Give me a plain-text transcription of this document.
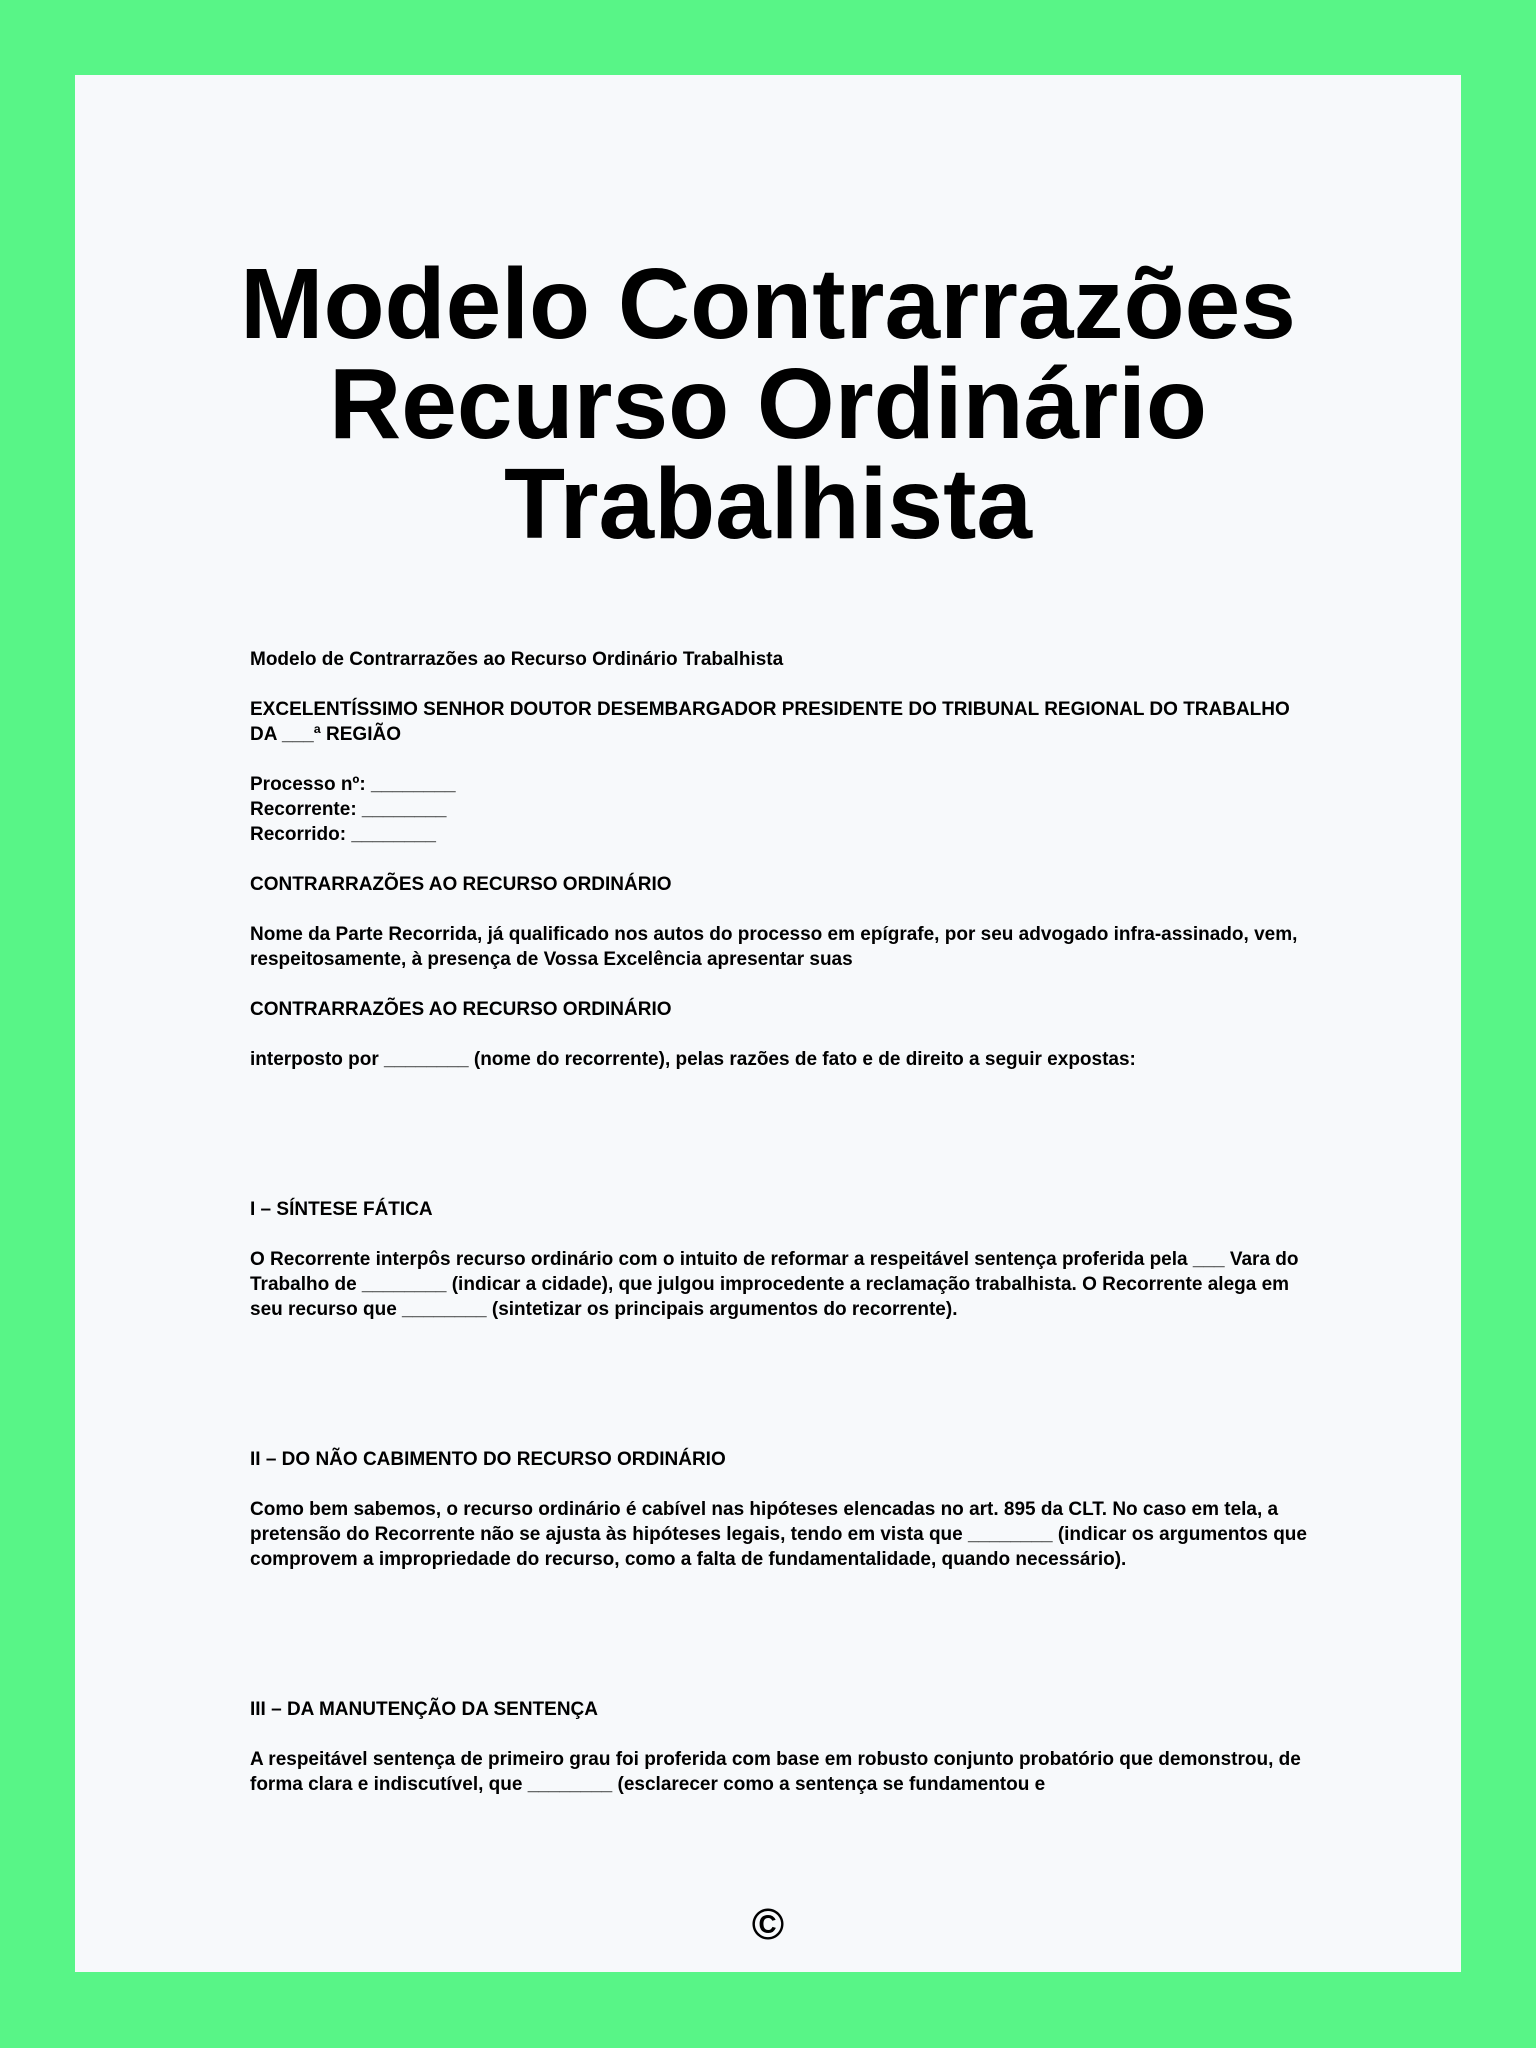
Modelo Contrarrazões
Recurso Ordinário
Trabalhista

Modelo de Contrarrazões ao Recurso Ordinário Trabalhista

EXCELENTÍSSIMO SENHOR DOUTOR DESEMBARGADOR PRESIDENTE DO TRIBUNAL REGIONAL DO TRABALHO DA ___ª REGIÃO

Processo nº: ________

Recorrente: ________

Recorrido: ________

CONTRARRAZÕES AO RECURSO ORDINÁRIO

Nome da Parte Recorrida, já qualificado nos autos do processo em epígrafe, por seu advogado infra-assinado, vem, respeitosamente, à presença de Vossa Excelência apresentar suas

CONTRARRAZÕES AO RECURSO ORDINÁRIO

interposto por ________ (nome do recorrente), pelas razões de fato e de direito a seguir expostas:

I – SÍNTESE FÁTICA

O Recorrente interpôs recurso ordinário com o intuito de reformar a respeitável sentença proferida pela ___ Vara do Trabalho de ________ (indicar a cidade), que julgou improcedente a reclamação trabalhista. O Recorrente alega em seu recurso que ________ (sintetizar os principais argumentos do recorrente).

II – DO NÃO CABIMENTO DO RECURSO ORDINÁRIO

Como bem sabemos, o recurso ordinário é cabível nas hipóteses elencadas no art. 895 da CLT. No caso em tela, a pretensão do Recorrente não se ajusta às hipóteses legais, tendo em vista que ________ (indicar os argumentos que comprovem a impropriedade do recurso, como a falta de fundamentalidade, quando necessário).

III – DA MANUTENÇÃO DA SENTENÇA

A respeitável sentença de primeiro grau foi proferida com base em robusto conjunto probatório que demonstrou, de forma clara e indiscutível, que ________ (esclarecer como a sentença se fundamentou e

©
